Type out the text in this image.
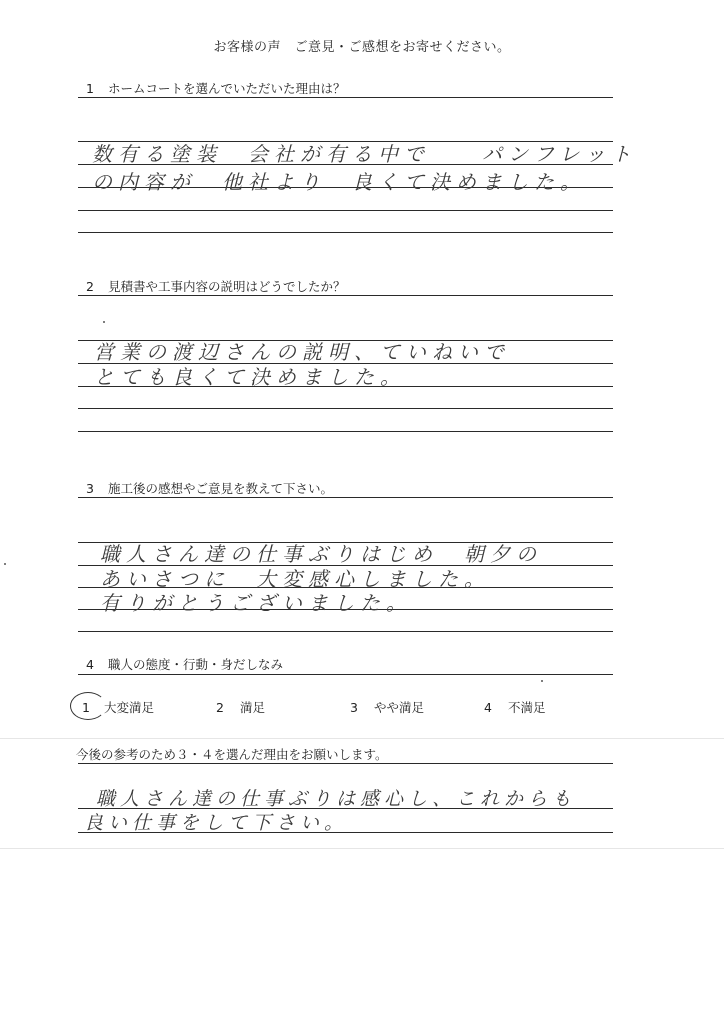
お客様の声　ご意見・ご感想をお寄せください。
1 ホームコートを選んでいただいた理由は？
数有る塗装　会社が有る中で　　パンフレット
の内容が　他社より　良くて決めました。
2 見積書や工事内容の説明はどうでしたか？
営業の渡辺さんの説明、ていねいで
とても良くて決めました。
3 施工後の感想やご意見を教えて下さい。
職人さん達の仕事ぶりはじめ　朝夕の
あいさつに　大変感心しました。
有りがとうございました。
4 職人の態度・行動・身だしなみ
1 大変満足	2 満足	3 やや満足	4 不満足
今後の参考のため３・４を選んだ理由をお願いします。
職人さん達の仕事ぶりは感心し、これからも
良い仕事をして下さい。
